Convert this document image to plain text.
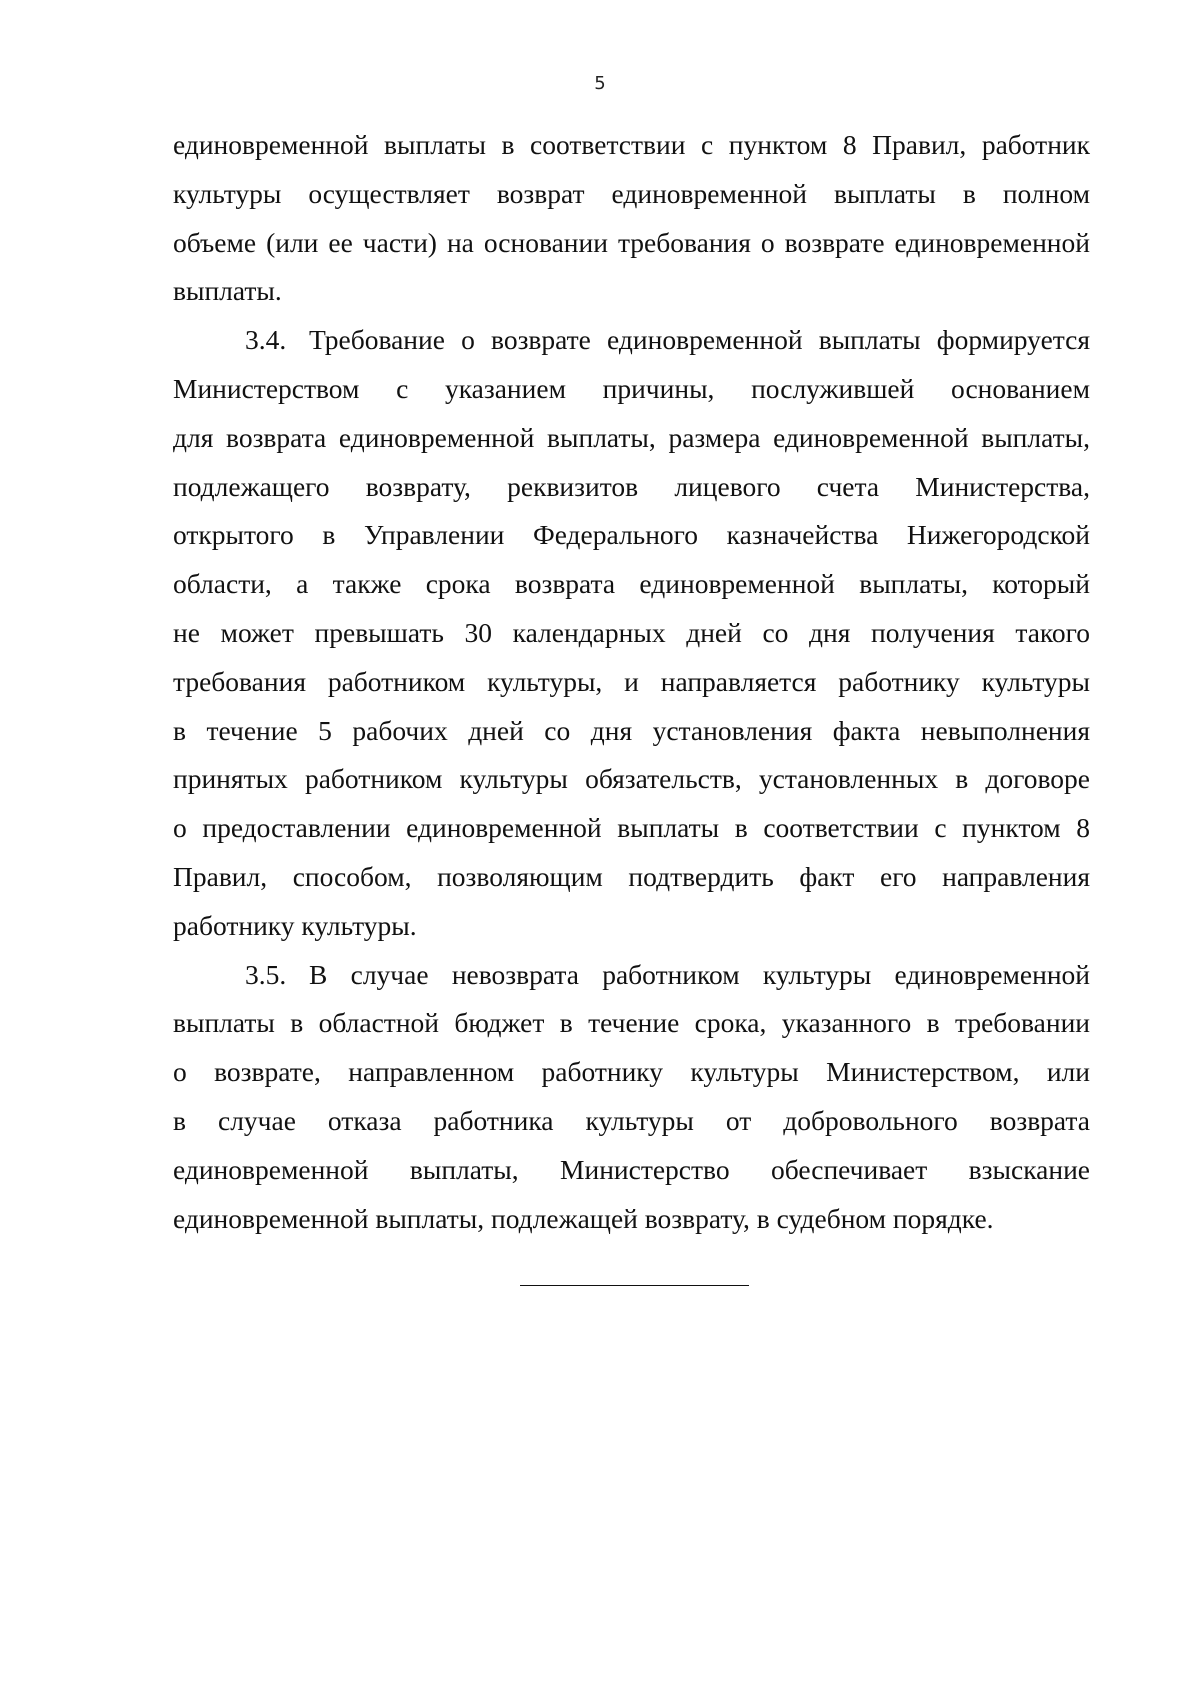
5

единовременной выплаты в соответствии с пунктом 8 Правил, работник
культуры осуществляет возврат единовременной выплаты в полном
объеме (или ее части) на основании требования о возврате единовременной
выплаты.

3.4. Требование о возврате единовременной выплаты формируется
Министерством с указанием причины, послужившей основанием
для возврата единовременной выплаты, размера единовременной выплаты,
подлежащего возврату, реквизитов лицевого счета Министерства,
открытого в Управлении Федерального казначейства Нижегородской
области, а также срока возврата единовременной выплаты, который
не может превышать 30 календарных дней со дня получения такого
требования работником культуры, и направляется работнику культуры
в течение 5 рабочих дней со дня установления факта невыполнения
принятых работником культуры обязательств, установленных в договоре
о предоставлении единовременной выплаты в соответствии с пунктом 8
Правил, способом, позволяющим подтвердить факт его направления
работнику культуры.

3.5. В случае невозврата работником культуры единовременной
выплаты в областной бюджет в течение срока, указанного в требовании
о возврате, направленном работнику культуры Министерством, или
в случае отказа работника культуры от добровольного возврата
единовременной выплаты, Министерство обеспечивает взыскание
единовременной выплаты, подлежащей возврату, в судебном порядке.
